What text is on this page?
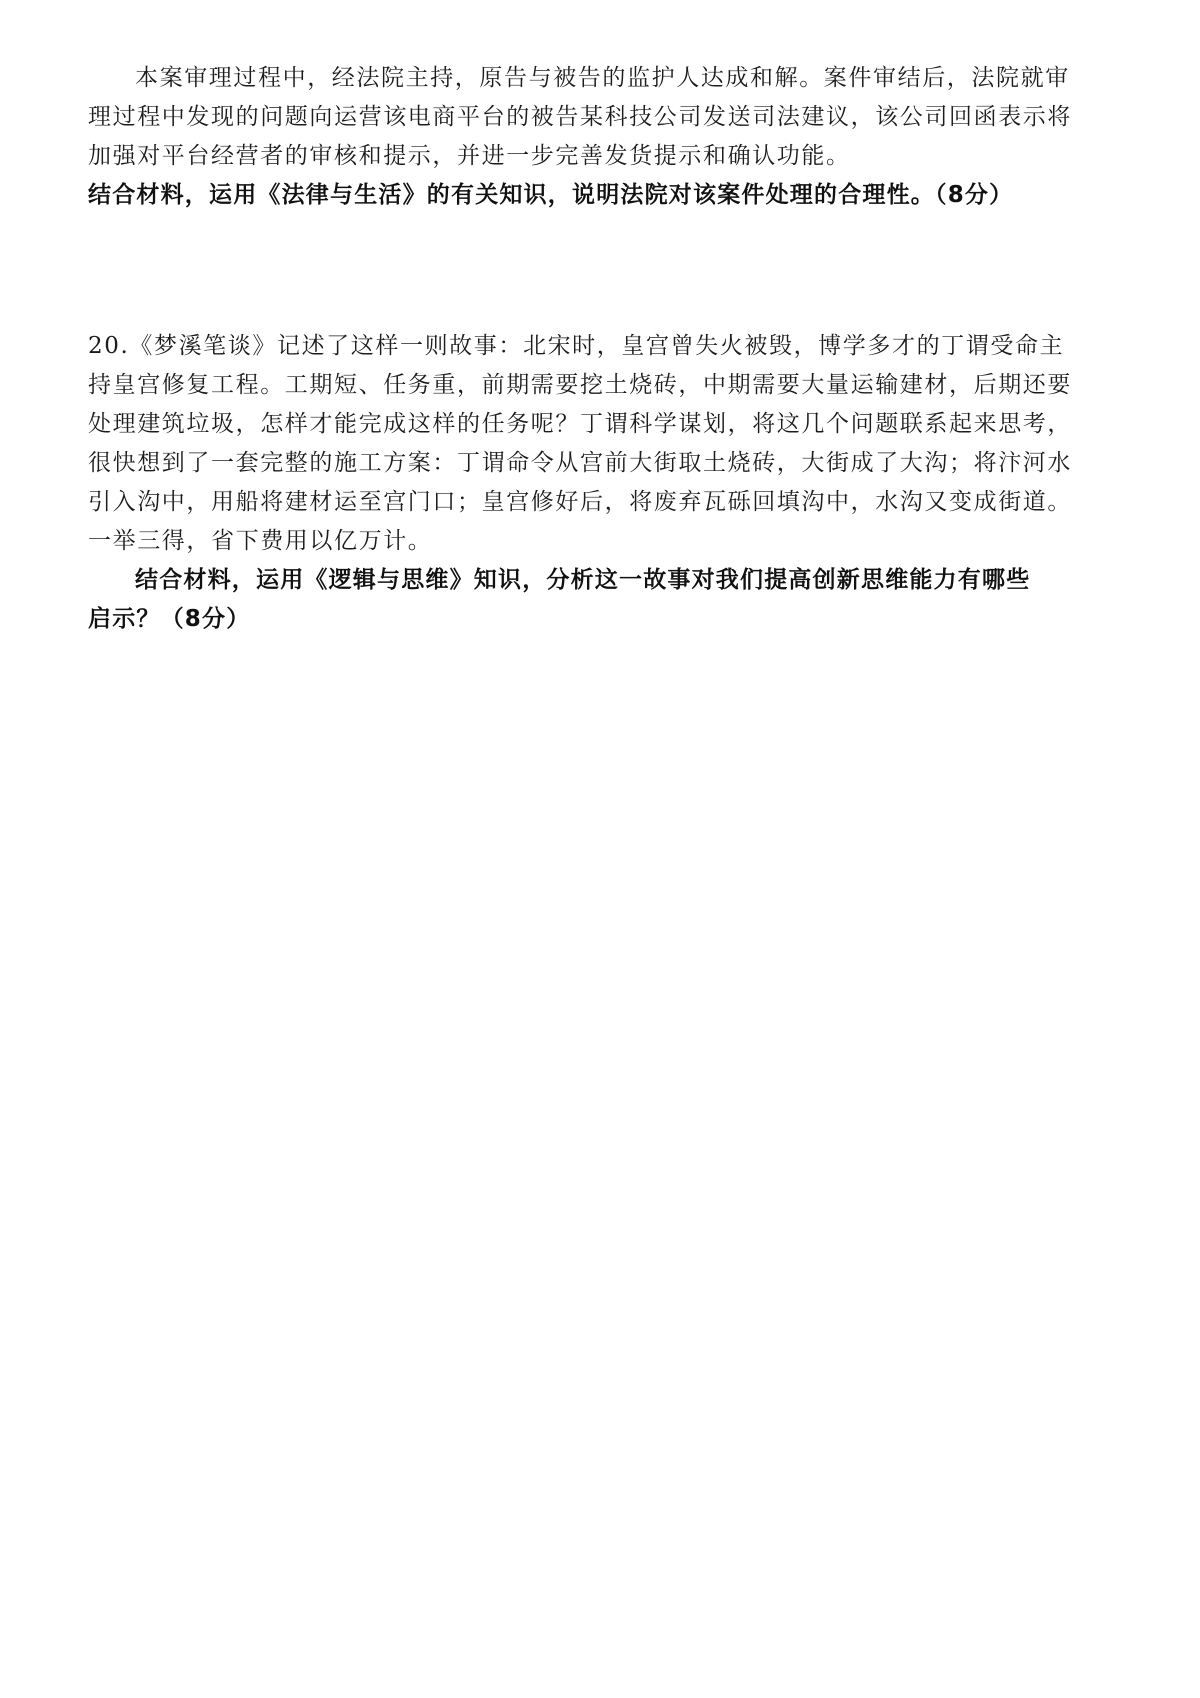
本案审理过程中，经法院主持，原告与被告的监护人达成和解。案件审结后，法院就审
理过程中发现的问题向运营该电商平台的被告某科技公司发送司法建议，该公司回函表示将
加强对平台经营者的审核和提示，并进一步完善发货提示和确认功能。
结合材料，运用《法律与生活》的有关知识，说明法院对该案件处理的合理性。（8分）
20.《梦溪笔谈》记述了这样一则故事：北宋时，皇宫曾失火被毁，博学多才的丁谓受命主
持皇宫修复工程。工期短、任务重，前期需要挖土烧砖，中期需要大量运输建材，后期还要
处理建筑垃圾，怎样才能完成这样的任务呢？丁谓科学谋划，将这几个问题联系起来思考，
很快想到了一套完整的施工方案：丁谓命令从宫前大街取土烧砖，大街成了大沟；将汴河水
引入沟中，用船将建材运至宫门口；皇宫修好后，将废弃瓦砾回填沟中，水沟又变成街道。
一举三得，省下费用以亿万计。
结合材料，运用《逻辑与思维》知识，分析这一故事对我们提高创新思维能力有哪些
启示？（8分）
